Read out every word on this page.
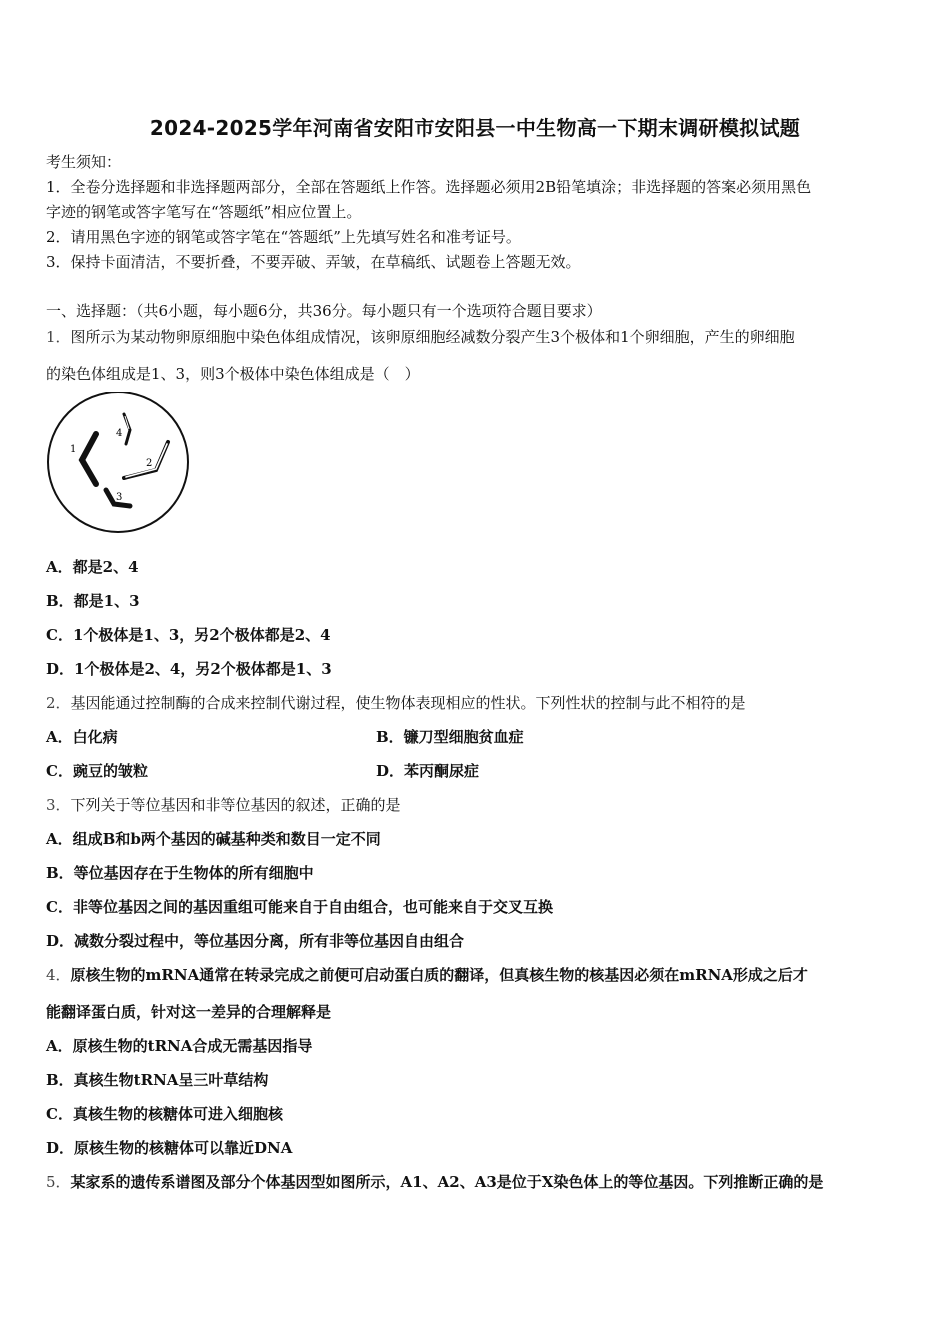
2024-2025学年河南省安阳市安阳县一中生物高一下期末调研模拟试题
考生须知：
1．全卷分选择题和非选择题两部分，全部在答题纸上作答。选择题必须用2B铅笔填涂；非选择题的答案必须用黑色
字迹的钢笔或答字笔写在“答题纸”相应位置上。
2．请用黑色字迹的钢笔或答字笔在“答题纸”上先填写姓名和准考证号。
3．保持卡面清洁，不要折叠，不要弄破、弄皱，在草稿纸、试题卷上答题无效。
一、选择题：（共6小题，每小题6分，共36分。每小题只有一个选项符合题目要求）
1．图所示为某动物卵原细胞中染色体组成情况，该卵原细胞经减数分裂产生3个极体和1个卵细胞，产生的卵细胞
的染色体组成是1、3，则3个极体中染色体组成是（　）
1
2
3
4
A．都是2、4
B．都是1、3
C．1个极体是1、3，另2个极体都是2、4
D．1个极体是2、4，另2个极体都是1、3
2．基因能通过控制酶的合成来控制代谢过程，使生物体表现相应的性状。下列性状的控制与此不相符的是
A．白化病	B．镰刀型细胞贫血症
C．豌豆的皱粒	D．苯丙酮尿症
3．下列关于等位基因和非等位基因的叙述，正确的是
A．组成B和b两个基因的碱基种类和数目一定不同
B．等位基因存在于生物体的所有细胞中
C．非等位基因之间的基因重组可能来自于自由组合，也可能来自于交叉互换
D．减数分裂过程中，等位基因分离，所有非等位基因自由组合
4．原核生物的mRNA通常在转录完成之前便可启动蛋白质的翻译，但真核生物的核基因必须在mRNA形成之后才
能翻译蛋白质，针对这一差异的合理解释是
A．原核生物的tRNA合成无需基因指导
B．真核生物tRNA呈三叶草结构
C．真核生物的核糖体可进入细胞核
D．原核生物的核糖体可以靠近DNA
5．某家系的遗传系谱图及部分个体基因型如图所示，A1、A2、A3是位于X染色体上的等位基因。下列推断正确的是
